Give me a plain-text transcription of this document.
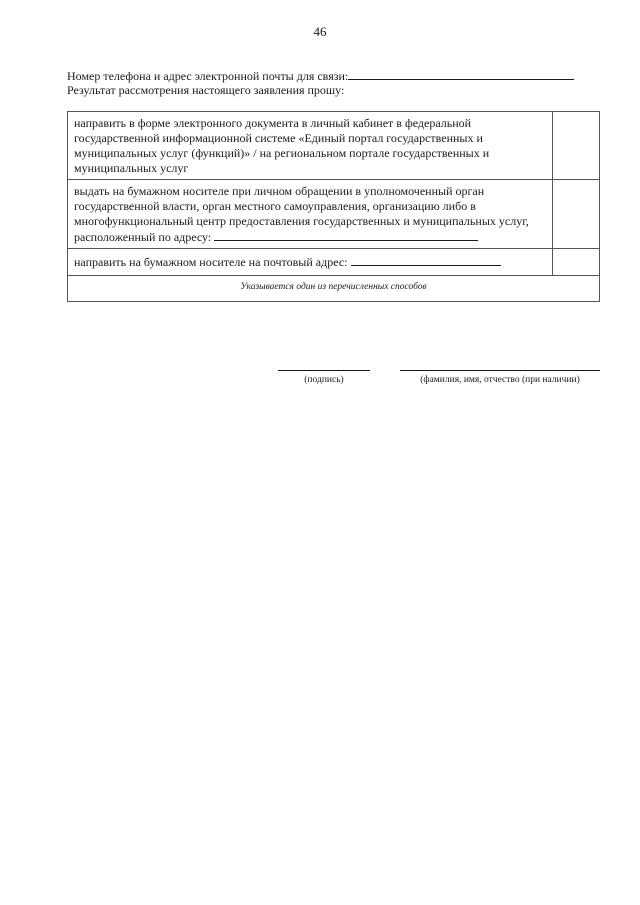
46
Номер телефона и адрес электронной почты для связи:
Результат рассмотрения настоящего заявления прошу:
направить в форме электронного документа в личный кабинет в федеральной государственной информационной системе «Единый портал государственных и муниципальных услуг (функций)» / на региональном портале государственных и муниципальных услуг	
выдать на бумажном носителе при личном обращении в уполномоченный орган государственной власти, орган местного самоуправления, организацию либо в многофункциональный центр предоставления государственных и муниципальных услуг, расположенный по адресу:	
направить на бумажном носителе на почтовый адрес:	
Указывается один из перечисленных способов	
(подпись)	(фамилия, имя, отчество (при наличии)
